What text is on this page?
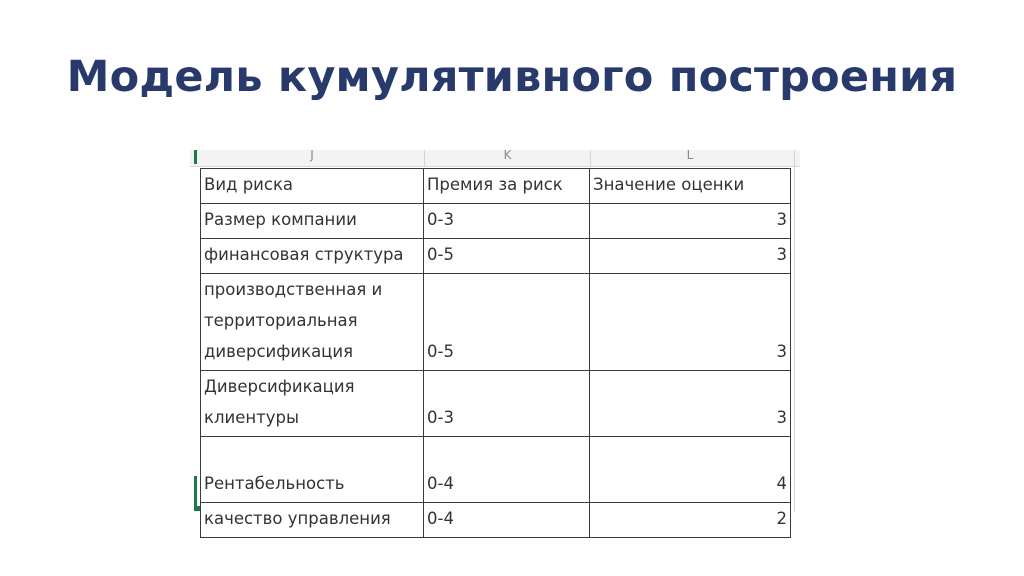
Модель кумулятивного построения
J	K	L
Вид риска	Премия за риск	Значение оценки

Размер компании	0-3	3

финансовая структура	0-5	3

производственная и
территориальная
диверсификация	0-5	3

Диверсификация
клиентуры	0-3	3

Рентабельность	0-4	4

качество управления	0-4	2
